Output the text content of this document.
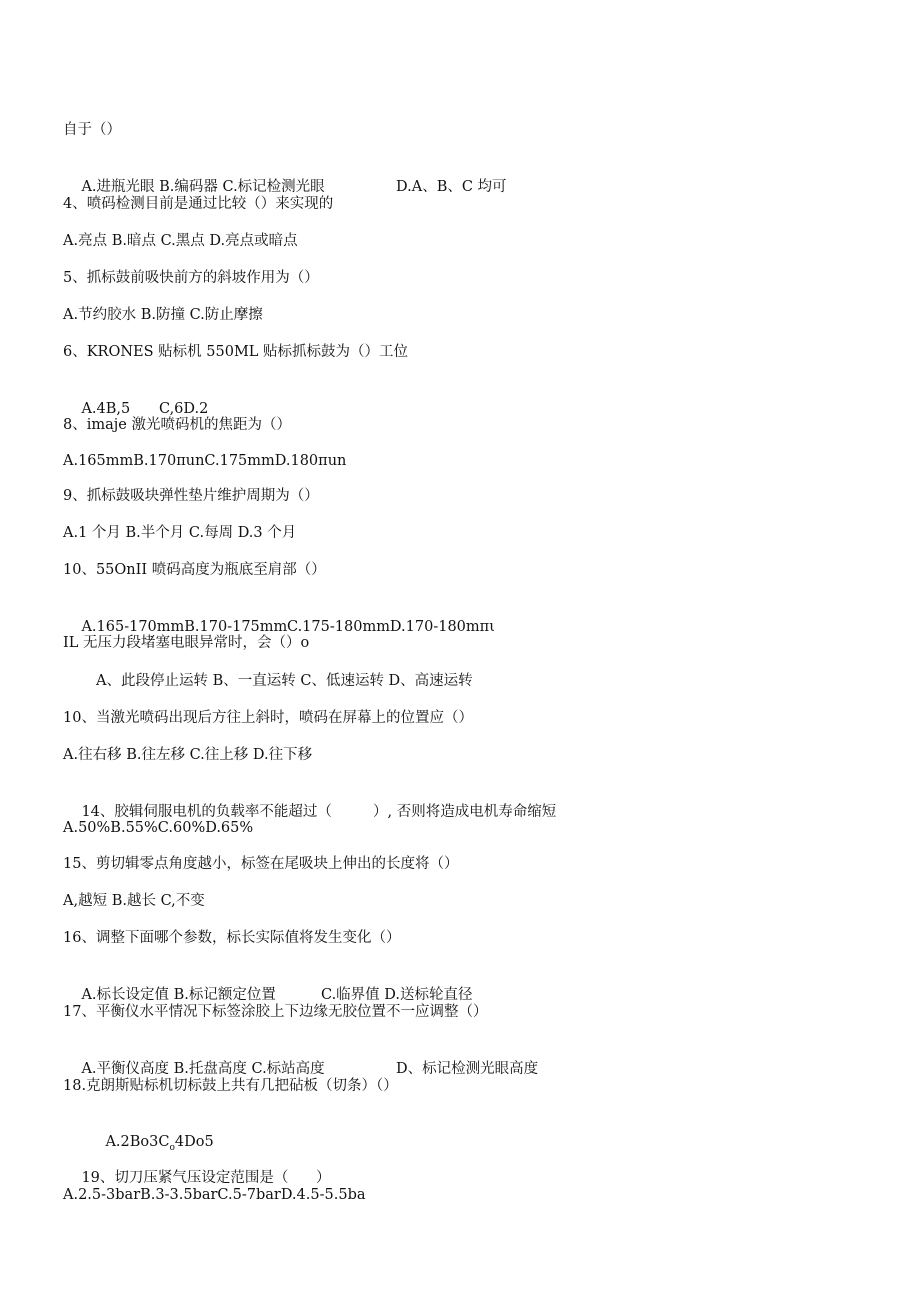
自于（）

A.进瓶光眼 B.编码器 C.标记检测光眼	D.A、B、C 均可

4、喷码检测目前是通过比较（）来实现的
A.亮点 B.暗点 C.黑点 D.亮点或暗点
5、抓标鼓前吸快前方的斜坡作用为（）
A.节约胶水 B.防撞 C.防止摩擦
6、KRONES 贴标机 550ML 贴标抓标鼓为（）工位

A.4B,5 C,6D.2

8、imaje 激光喷码机的焦距为（）
A.165mmB.170πunC.175mmD.180πun
9、抓标鼓吸块弹性垫片维护周期为（）
A.1 个月 B.半个月 C.每周 D.3 个月
10、55OnII 喷码高度为瓶底至肩部（）

A.165-170mmB.170-175mm C.175-180mmD.170-180mπι

IL 无压力段堵塞电眼异常时，会（）o
A、此段停止运转 B、一直运转 C、低速运转 D、高速运转
10、当激光喷码出现后方往上斜时，喷码在屏幕上的位置应（）
A.往右移 B.往左移 C.往上移 D.往下移

14、胶辑伺服电机的负载率不能超过（	）, 否则将造成电机寿命缩短

A.50%B.55%C.60%D.65%
15、剪切辑零点角度越小，标签在尾吸块上伸出的长度将（）
A,越短 B.越长 C,不变
16、调整下面哪个参数，标长实际值将发生变化（）

A.标长设定值 B.标记额定位置	C.临界值 D.送标轮直径

17、平衡仪水平情况下标签涂胶上下边缘无胶位置不一应调整（）

A.平衡仪高度 B.托盘高度 C.标站高度	D、标记检测光眼高度

18.克朗斯贴标机切标鼓上共有几把砧板（切条）（）

A.2Bo3Co4Do5

19、切刀压紧气压设定范围是（ ）

A.2.5-3barB.3-3.5barC.5-7barD.4.5-5.5ba
